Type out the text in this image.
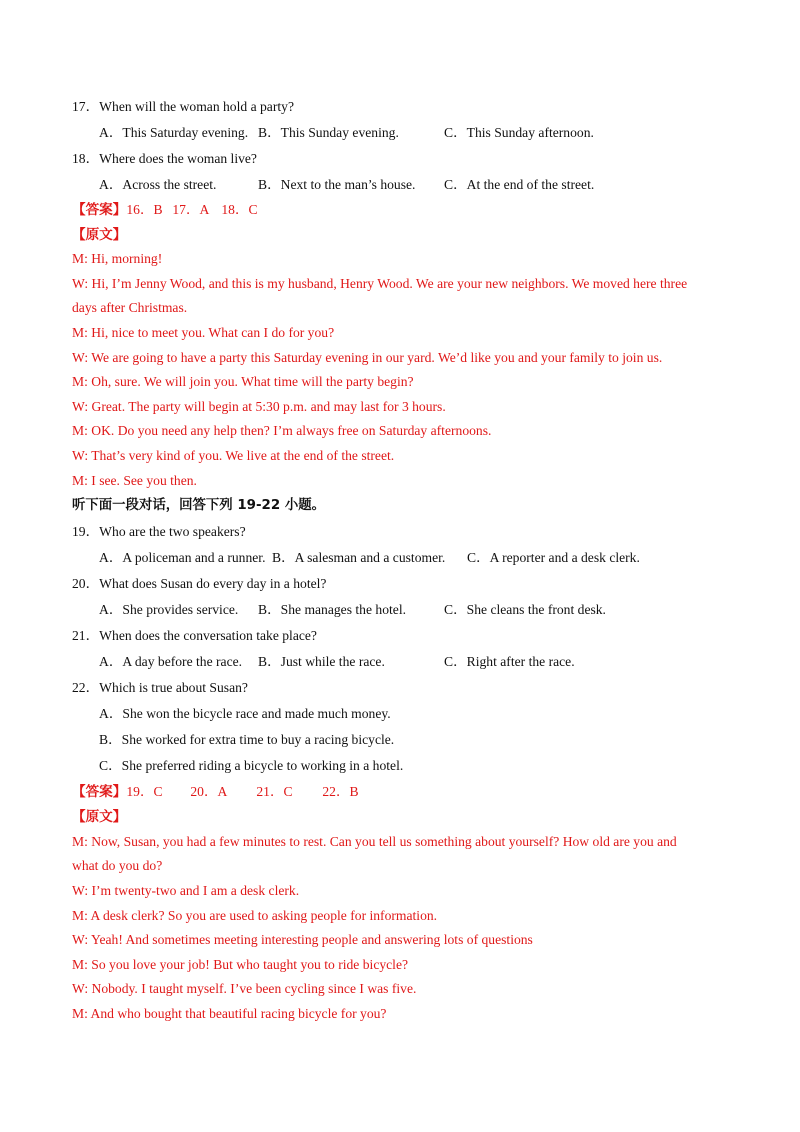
17．When will the woman hold a party?
A．This Saturday evening. B．This Sunday evening.	C．This Sunday afternoon.
18．Where does the woman live?
A．Across the street.	B．Next to the man’s house. C．At the end of the street.
【答案】16．B 17．A 18．C
【原文】
M: Hi, morning!
W: Hi, I’m Jenny Wood, and this is my husband, Henry Wood. We are your new neighbors. We moved here three
days after Christmas.
M: Hi, nice to meet you. What can I do for you?
W: We are going to have a party this Saturday evening in our yard. We’d like you and your family to join us.
M: Oh, sure. We will join you. What time will the party begin?
W: Great. The party will begin at 5:30 p.m. and may last for 3 hours.
M: OK. Do you need any help then? I’m always free on Saturday afternoons.
W: That’s very kind of you. We live at the end of the street.
M: I see. See you then.
听下面一段对话，回答下列 19-22 小题。
19．Who are the two speakers?
A．A policeman and a runner. B．A salesman and a customer. C．A reporter and a desk clerk.
20．What does Susan do every day in a hotel?
A．She provides service. B．She manages the hotel.	C．She cleans the front desk.
21．When does the conversation take place?
A．A day before the race. B．Just while the race.	C．Right after the race.
22．Which is true about Susan?
A．She won the bicycle race and made much money.
B．She worked for extra time to buy a racing bicycle.
C．She preferred riding a bicycle to working in a hotel.
【答案】19．C 20．A 21．C 22．B
【原文】
M: Now, Susan, you had a few minutes to rest. Can you tell us something about yourself? How old are you and
what do you do?
W: I’m twenty-two and I am a desk clerk.
M: A desk clerk? So you are used to asking people for information.
W: Yeah! And sometimes meeting interesting people and answering lots of questions
M: So you love your job! But who taught you to ride bicycle?
W: Nobody. I taught myself. I’ve been cycling since I was five.
M: And who bought that beautiful racing bicycle for you?
